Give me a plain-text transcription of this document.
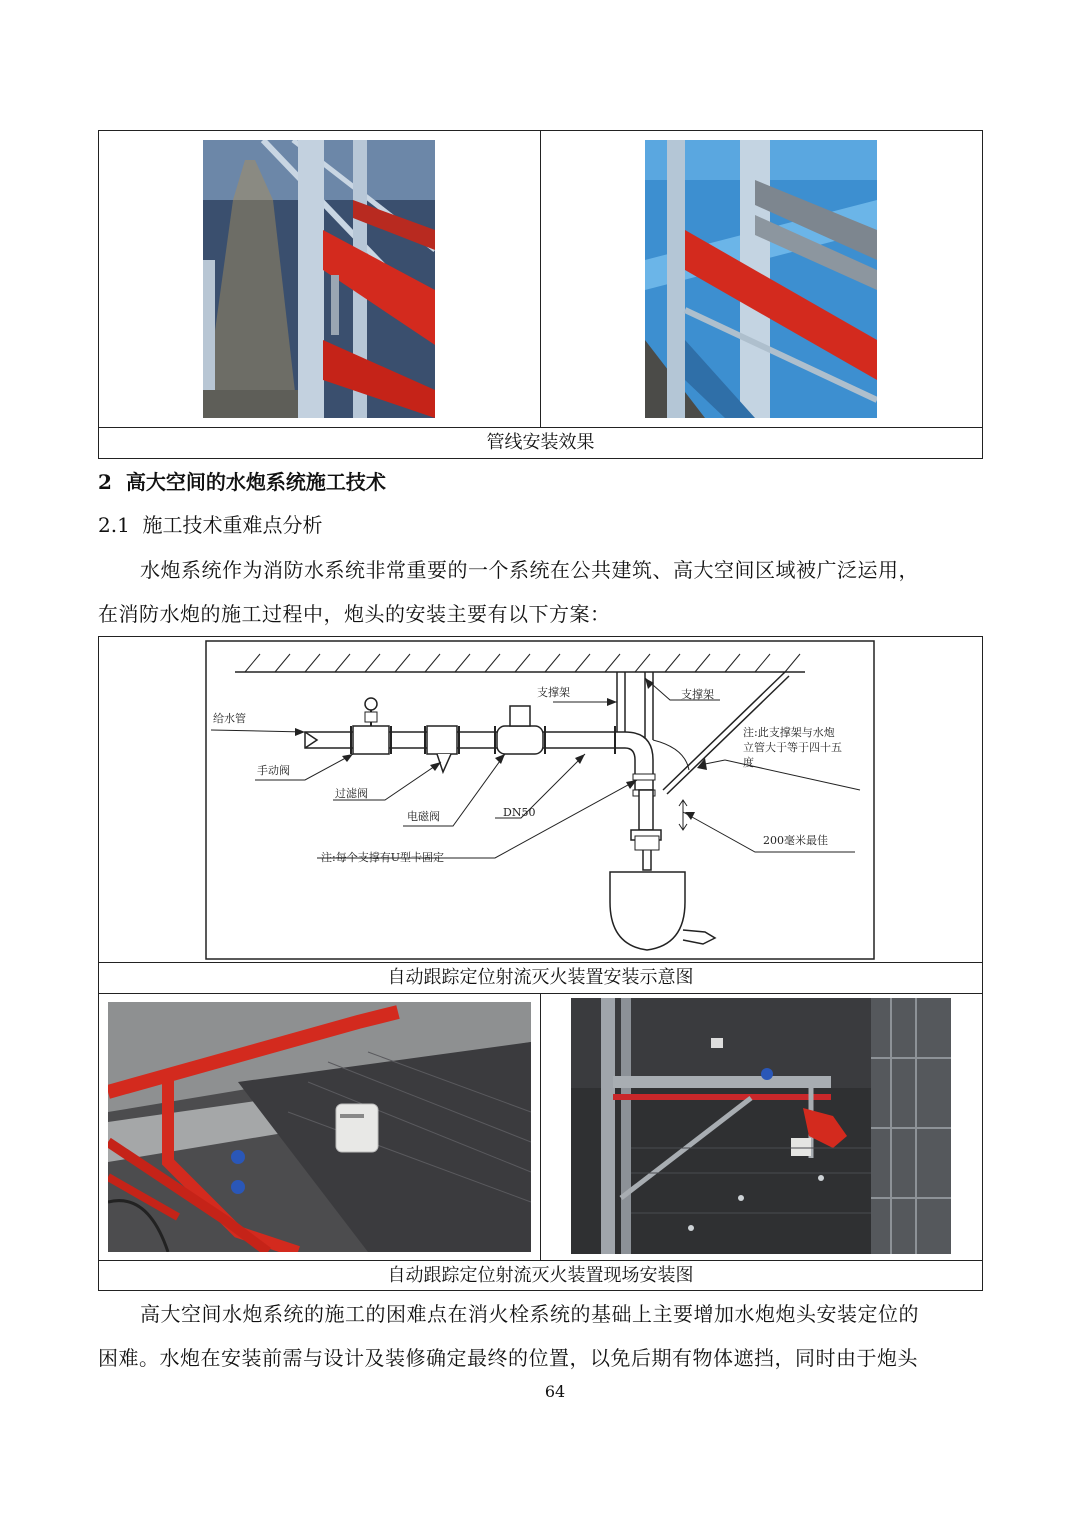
管线安装效果
2 高大空间的水炮系统施工技术
2.1 施工技术重难点分析
水炮系统作为消防水系统非常重要的一个系统在公共建筑、高大空间区域被广泛运用，
在消防水炮的施工过程中，炮头的安装主要有以下方案：
给水管
手动阀
过滤阀
电磁阀	DN50
注:每个支撑有U型卡固定
支撑架	支撑架
注:此支撑架与水炮
立管大于等于四十五
度
200毫米最佳
自动跟踪定位射流灭火装置安装示意图
自动跟踪定位射流灭火装置现场安装图
高大空间水炮系统的施工的困难点在消火栓系统的基础上主要增加水炮炮头安装定位的
困难。水炮在安装前需与设计及装修确定最终的位置，以免后期有物体遮挡，同时由于炮头
64
